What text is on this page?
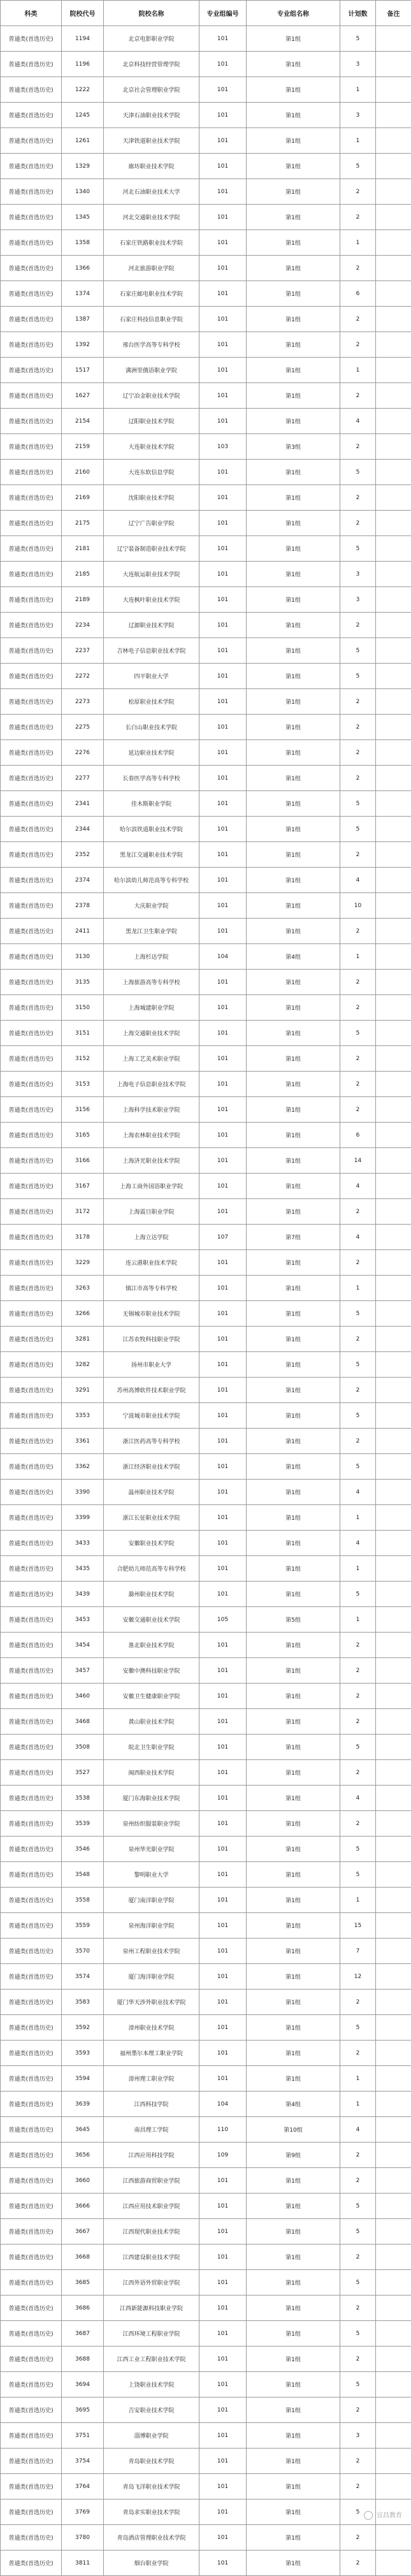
科类	院校代号	院校名称	专业组编号	专业组名称	计划数	备注
普通类(首选历史)	1194	北京电影职业学院	101	第1组	5	
普通类(首选历史)	1196	北京科技经营管理学院	101	第1组	3	
普通类(首选历史)	1222	北京社会管理职业学院	101	第1组	1	
普通类(首选历史)	1245	天津石油职业技术学院	101	第1组	3	
普通类(首选历史)	1261	天津铁道职业技术学院	101	第1组	1	
普通类(首选历史)	1329	廊坊职业技术学院	101	第1组	5	
普通类(首选历史)	1340	河北石油职业技术大学	101	第1组	2	
普通类(首选历史)	1345	河北交通职业技术学院	101	第1组	2	
普通类(首选历史)	1358	石家庄铁路职业技术学院	101	第1组	1	
普通类(首选历史)	1366	河北旅游职业学院	101	第1组	2	
普通类(首选历史)	1374	石家庄邮电职业技术学院	101	第1组	6	
普通类(首选历史)	1387	石家庄科技信息职业学院	101	第1组	2	
普通类(首选历史)	1392	邢台医学高等专科学校	101	第1组	2	
普通类(首选历史)	1517	满洲里俄语职业学院	101	第1组	1	
普通类(首选历史)	1627	辽宁冶金职业技术学院	101	第1组	2	
普通类(首选历史)	2154	辽阳职业技术学院	101	第1组	4	
普通类(首选历史)	2159	大连职业技术学院	103	第3组	2	
普通类(首选历史)	2160	大连东软信息学院	101	第1组	5	
普通类(首选历史)	2169	沈阳职业技术学院	101	第1组	2	
普通类(首选历史)	2175	辽宁广告职业学院	101	第1组	2	
普通类(首选历史)	2181	辽宁装备制造职业技术学院	101	第1组	5	
普通类(首选历史)	2185	大连航运职业技术学院	101	第1组	3	
普通类(首选历史)	2189	大连枫叶职业技术学院	101	第1组	3	
普通类(首选历史)	2234	辽源职业技术学院	101	第1组	2	
普通类(首选历史)	2237	吉林电子信息职业技术学院	101	第1组	5	
普通类(首选历史)	2272	四平职业大学	101	第1组	5	
普通类(首选历史)	2273	松原职业技术学院	101	第1组	2	
普通类(首选历史)	2275	长白山职业技术学院	101	第1组	2	
普通类(首选历史)	2276	延边职业技术学院	101	第1组	2	
普通类(首选历史)	2277	长春医学高等专科学校	101	第1组	2	
普通类(首选历史)	2341	佳木斯职业学院	101	第1组	5	
普通类(首选历史)	2344	哈尔滨铁道职业技术学院	101	第1组	5	
普通类(首选历史)	2352	黑龙江交通职业技术学院	101	第1组	2	
普通类(首选历史)	2374	哈尔滨幼儿师范高等专科学校	101	第1组	4	
普通类(首选历史)	2378	大庆职业学院	101	第1组	10	
普通类(首选历史)	2411	黑龙江卫生职业学院	101	第1组	2	
普通类(首选历史)	3130	上海杉达学院	104	第4组	1	
普通类(首选历史)	3135	上海旅游高等专科学校	101	第1组	2	
普通类(首选历史)	3150	上海城建职业学院	101	第1组	2	
普通类(首选历史)	3151	上海交通职业技术学院	101	第1组	5	
普通类(首选历史)	3152	上海工艺美术职业学院	101	第1组	2	
普通类(首选历史)	3153	上海电子信息职业技术学院	101	第1组	2	
普通类(首选历史)	3156	上海科学技术职业学院	101	第1组	2	
普通类(首选历史)	3165	上海农林职业技术学院	101	第1组	6	
普通类(首选历史)	3166	上海济光职业技术学院	101	第1组	14	
普通类(首选历史)	3167	上海工商外国语职业学院	101	第1组	4	
普通类(首选历史)	3172	上海震旦职业学院	101	第1组	2	
普通类(首选历史)	3178	上海立达学院	107	第7组	4	
普通类(首选历史)	3229	连云港职业技术学院	101	第1组	2	
普通类(首选历史)	3263	镇江市高等专科学校	101	第1组	1	
普通类(首选历史)	3266	无锡城市职业技术学院	101	第1组	5	
普通类(首选历史)	3281	江苏农牧科技职业学院	101	第1组	2	
普通类(首选历史)	3282	扬州市职业大学	101	第1组	5	
普通类(首选历史)	3291	苏州高博软件技术职业学院	101	第1组	2	
普通类(首选历史)	3353	宁波城市职业技术学院	101	第1组	5	
普通类(首选历史)	3361	浙江医药高等专科学校	101	第1组	2	
普通类(首选历史)	3362	浙江经济职业技术学院	101	第1组	5	
普通类(首选历史)	3390	温州职业技术学院	101	第1组	4	
普通类(首选历史)	3399	浙江长征职业技术学院	101	第1组	1	
普通类(首选历史)	3433	安徽职业技术学院	101	第1组	4	
普通类(首选历史)	3435	合肥幼儿师范高等专科学校	101	第1组	1	
普通类(首选历史)	3439	滁州职业技术学院	101	第1组	5	
普通类(首选历史)	3453	安徽交通职业技术学院	105	第5组	1	
普通类(首选历史)	3454	淮北职业技术学院	101	第1组	2	
普通类(首选历史)	3457	安徽中澳科技职业学院	101	第1组	2	
普通类(首选历史)	3460	安徽卫生健康职业学院	101	第1组	2	
普通类(首选历史)	3468	黄山职业技术学院	101	第1组	2	
普通类(首选历史)	3508	皖北卫生职业学院	101	第1组	5	
普通类(首选历史)	3527	闽西职业技术学院	101	第1组	2	
普通类(首选历史)	3538	厦门东海职业技术学院	101	第1组	4	
普通类(首选历史)	3539	泉州纺织服装职业学院	101	第1组	2	
普通类(首选历史)	3546	泉州华光职业学院	101	第1组	5	
普通类(首选历史)	3548	黎明职业大学	101	第1组	5	
普通类(首选历史)	3558	厦门南洋职业学院	101	第1组	1	
普通类(首选历史)	3559	泉州海洋职业学院	101	第1组	15	
普通类(首选历史)	3570	泉州工程职业技术学院	101	第1组	7	
普通类(首选历史)	3574	厦门海洋职业学院	101	第1组	12	
普通类(首选历史)	3583	厦门华天涉外职业技术学院	101	第1组	2	
普通类(首选历史)	3592	漳州职业技术学院	101	第1组	5	
普通类(首选历史)	3593	福州墨尔本理工职业学院	101	第1组	2	
普通类(首选历史)	3594	漳州理工职业学院	101	第1组	1	
普通类(首选历史)	3639	江西科技学院	104	第4组	1	
普通类(首选历史)	3645	南昌理工学院	110	第10组	4	
普通类(首选历史)	3656	江西应用科技学院	109	第9组	2	
普通类(首选历史)	3660	江西旅游商贸职业学院	101	第1组	2	
普通类(首选历史)	3666	江西应用技术职业学院	101	第1组	5	
普通类(首选历史)	3667	江西现代职业技术学院	101	第1组	5	
普通类(首选历史)	3668	江西建设职业技术学院	101	第1组	2	
普通类(首选历史)	3685	江西外语外贸职业学院	101	第1组	5	
普通类(首选历史)	3686	江西新能源科技职业学院	101	第1组	2	
普通类(首选历史)	3687	江西环境工程职业学院	101	第1组	5	
普通类(首选历史)	3688	江西工业工程职业技术学院	101	第1组	2	
普通类(首选历史)	3694	上饶职业技术学院	101	第1组	5	
普通类(首选历史)	3695	吉安职业技术学院	101	第1组	2	
普通类(首选历史)	3751	淄博职业学院	101	第1组	3	
普通类(首选历史)	3754	青岛职业技术学院	101	第1组	2	
普通类(首选历史)	3764	青岛飞洋职业技术学院	101	第1组	2	
普通类(首选历史)	3769	青岛求实职业技术学院	101	第1组	5	
普通类(首选历史)	3780	青岛酒店管理职业技术学院	101	第1组	2	
普通类(首选历史)	3811	烟台职业学院	101	第1组	2	
宜昌教育
